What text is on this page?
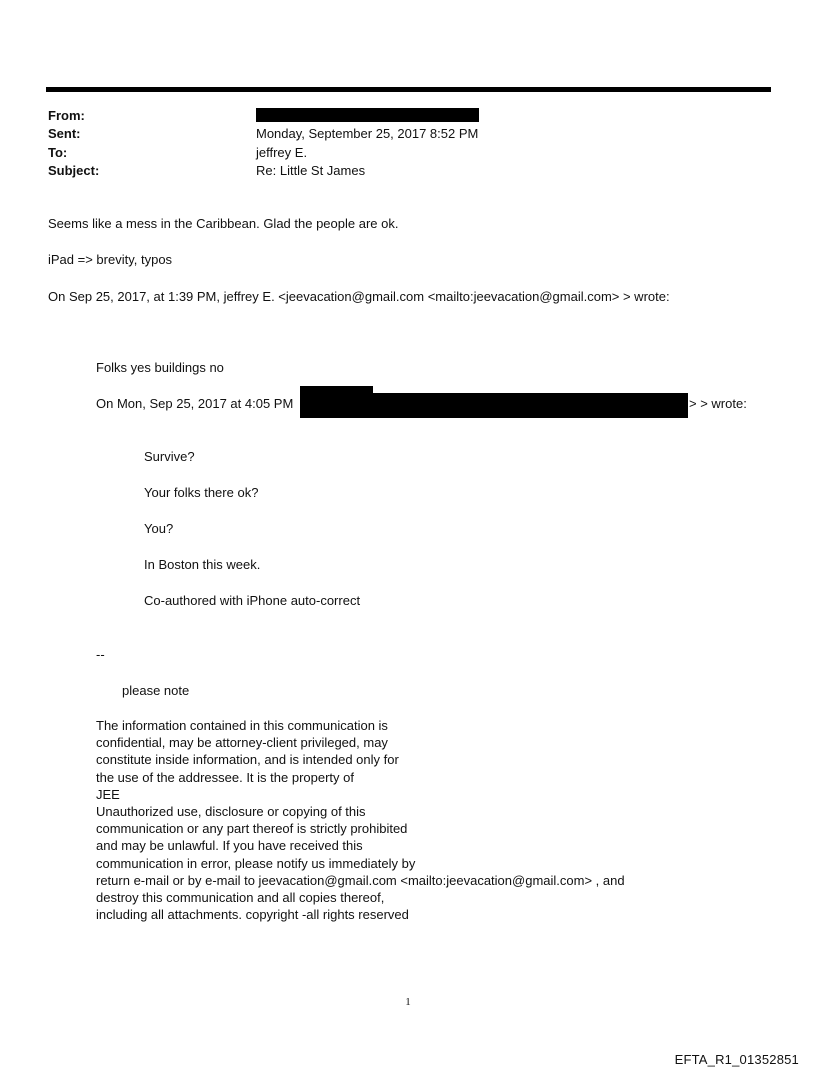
From:
Sent:	Monday, September 25, 2017 8:52 PM
To:	jeffrey E.
Subject:	Re: Little St James
Seems like a mess in the Caribbean. Glad the people are ok.
iPad => brevity, typos
On Sep 25, 2017, at 1:39 PM, jeffrey E. <jeevacation@gmail.com <mailto:jeevacation@gmail.com> > wrote:
Folks yes buildings no
On Mon, Sep 25, 2017 at 4:05 PM	> > wrote:
Survive?
Your folks there ok?
You?
In Boston this week.
Co-authored with iPhone auto-correct
--
please note
The information contained in this communication is
confidential, may be attorney-client privileged, may
constitute inside information, and is intended only for
the use of the addressee. It is the property of
JEE
Unauthorized use, disclosure or copying of this
communication or any part thereof is strictly prohibited
and may be unlawful. If you have received this
communication in error, please notify us immediately by
return e-mail or by e-mail to jeevacation@gmail.com <mailto:jeevacation@gmail.com> , and
destroy this communication and all copies thereof,
including all attachments. copyright -all rights reserved
1
EFTA_R1_01352851
